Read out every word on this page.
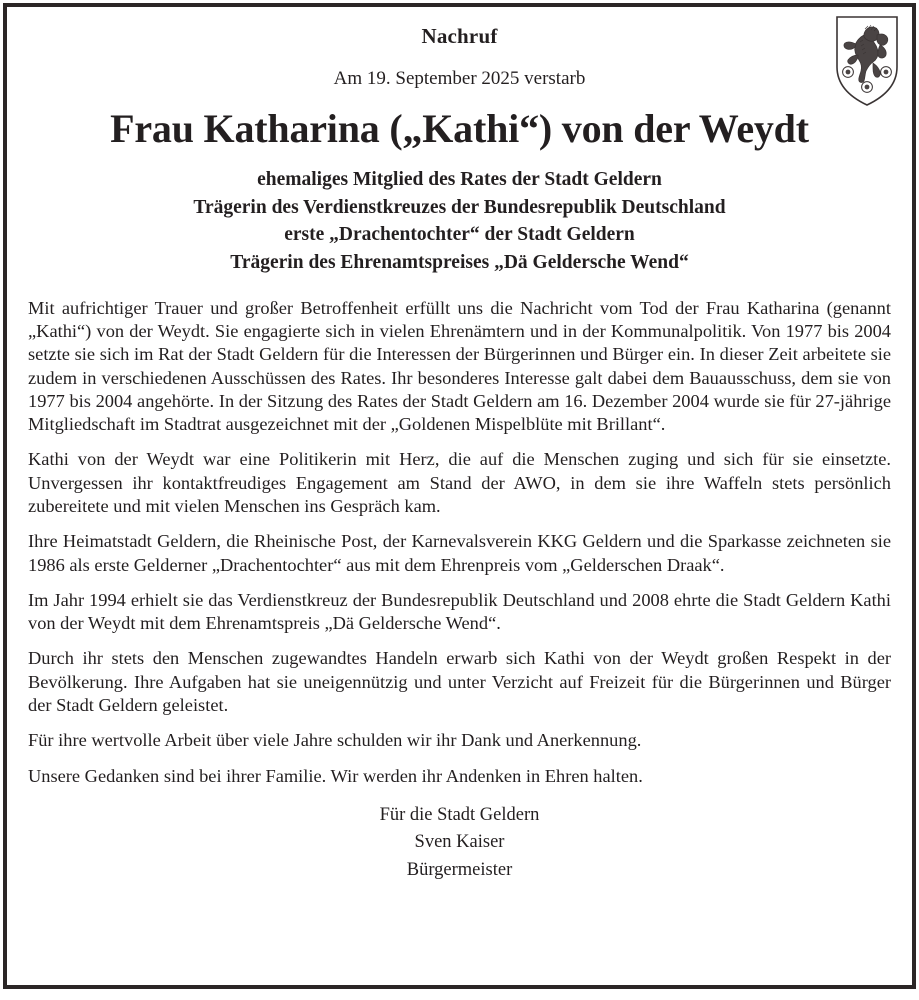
Nachruf
Am 19. September 2025 verstarb
Frau Katharina („Kathi“) von der Weydt
ehemaliges Mitglied des Rates der Stadt Geldern
Trägerin des Verdienstkreuzes der Bundesrepublik Deutschland
erste „Drachentochter“ der Stadt Geldern
Trägerin des Ehrenamtspreises „Dä Geldersche Wend“

Mit aufrichtiger Trauer und großer Betroffenheit erfüllt uns die Nachricht vom Tod der Frau Katharina (genannt „Kathi“) von der Weydt. Sie engagierte sich in vielen Ehrenämtern und in der Kommunalpolitik. Von 1977 bis 2004 setzte sie sich im Rat der Stadt Geldern für die Interessen der Bürgerinnen und Bürger ein. In dieser Zeit arbeitete sie zudem in verschiedenen Ausschüssen des Rates. Ihr besonderes Interesse galt dabei dem Bauausschuss, dem sie von 1977 bis 2004 angehörte. In der Sitzung des Rates der Stadt Geldern am 16. Dezember 2004 wurde sie für 27-jährige Mitgliedschaft im Stadtrat ausgezeichnet mit der „Goldenen Mispelblüte mit Brillant“.

Kathi von der Weydt war eine Politikerin mit Herz, die auf die Menschen zuging und sich für sie einsetzte. Unvergessen ihr kontaktfreudiges Engagement am Stand der AWO, in dem sie ihre Waffeln stets persönlich zubereitete und mit vielen Menschen ins Gespräch kam.

Ihre Heimatstadt Geldern, die Rheinische Post, der Karnevalsverein KKG Geldern und die Sparkasse zeichneten sie 1986 als erste Gelderner „Drachentochter“ aus mit dem Ehrenpreis vom „Gelderschen Draak“.

Im Jahr 1994 erhielt sie das Verdienstkreuz der Bundesrepublik Deutschland und 2008 ehrte die Stadt Geldern Kathi von der Weydt mit dem Ehrenamtspreis „Dä Geldersche Wend“.

Durch ihr stets den Menschen zugewandtes Handeln erwarb sich Kathi von der Weydt großen Respekt in der Bevölkerung. Ihre Aufgaben hat sie uneigennützig und unter Verzicht auf Freizeit für die Bürgerinnen und Bürger der Stadt Geldern geleistet.

Für ihre wertvolle Arbeit über viele Jahre schulden wir ihr Dank und Anerkennung.

Unsere Gedanken sind bei ihrer Familie. Wir werden ihr Andenken in Ehren halten.

Für die Stadt Geldern
Sven Kaiser
Bürgermeister
